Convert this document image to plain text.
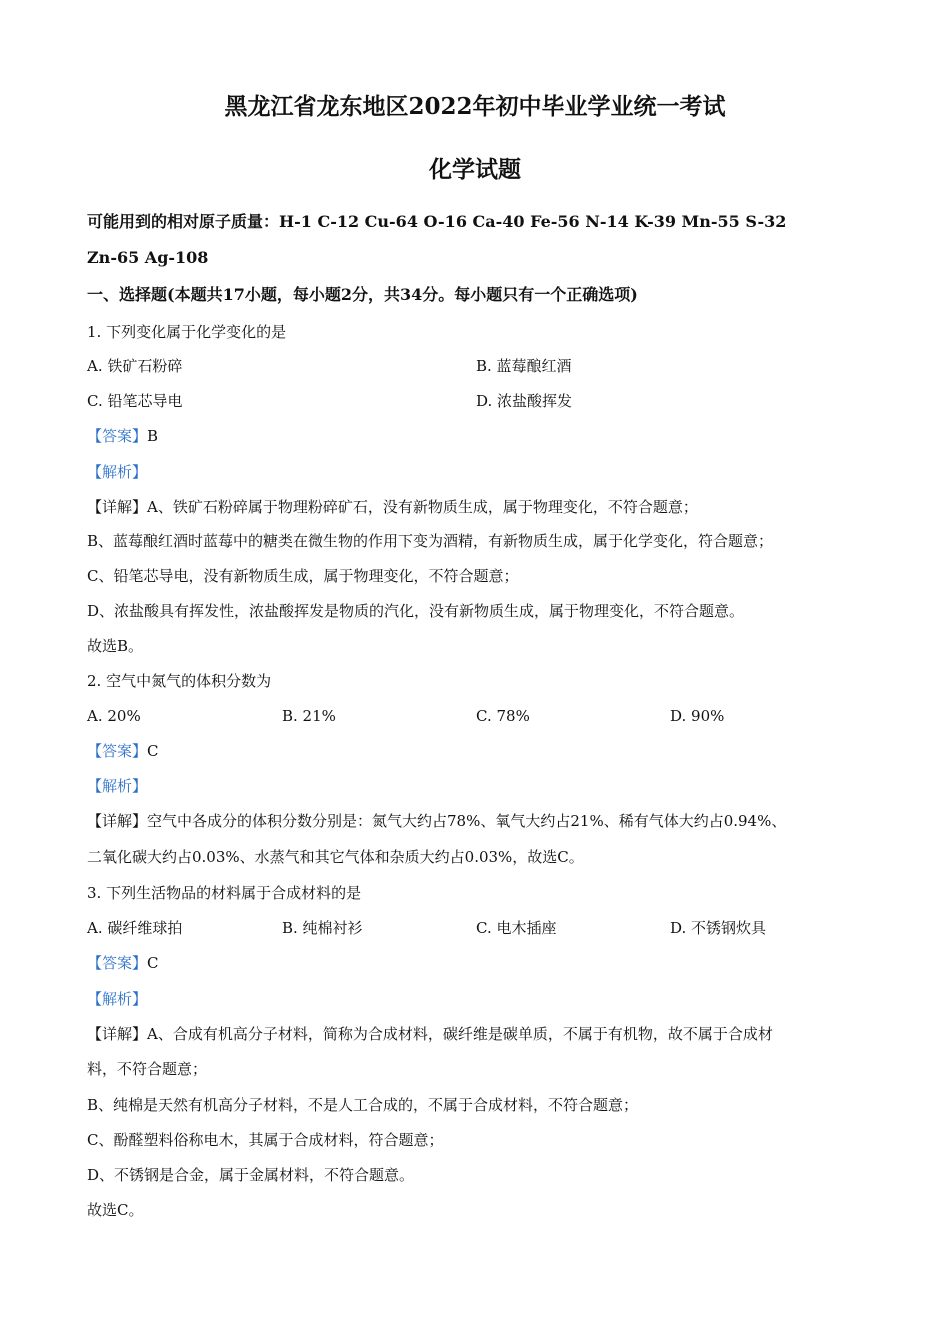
黑龙江省龙东地区2022年初中毕业学业统一考试
化学试题
可能用到的相对原子质量：H-1 C-12 Cu-64 O-16 Ca-40 Fe-56 N-14 K-39 Mn-55 S-32
Zn-65 Ag-108
一、选择题(本题共17小题，每小题2分，共34分。每小题只有一个正确选项)
1. 下列变化属于化学变化的是
A. 铁矿石粉碎	B. 蓝莓酿红酒
C. 铅笔芯导电	D. 浓盐酸挥发
【答案】B
【解析】
【详解】A、铁矿石粉碎属于物理粉碎矿石，没有新物质生成，属于物理变化，不符合题意；
B、蓝莓酿红酒时蓝莓中的糖类在微生物的作用下变为酒精，有新物质生成，属于化学变化，符合题意；
C、铅笔芯导电，没有新物质生成，属于物理变化，不符合题意；
D、浓盐酸具有挥发性，浓盐酸挥发是物质的汽化，没有新物质生成，属于物理变化，不符合题意。
故选B。
2. 空气中氮气的体积分数为
A. 20%	B. 21%	C. 78%	D. 90%
【答案】C
【解析】
【详解】空气中各成分的体积分数分别是：氮气大约占78%、氧气大约占21%、稀有气体大约占0.94%、
二氧化碳大约占0.03%、水蒸气和其它气体和杂质大约占0.03%，故选C。
3. 下列生活物品的材料属于合成材料的是
A. 碳纤维球拍	B. 纯棉衬衫	C. 电木插座	D. 不锈钢炊具
【答案】C
【解析】
【详解】A、合成有机高分子材料，简称为合成材料，碳纤维是碳单质，不属于有机物，故不属于合成材
料，不符合题意；
B、纯棉是天然有机高分子材料，不是人工合成的，不属于合成材料，不符合题意；
C、酚醛塑料俗称电木，其属于合成材料，符合题意；
D、不锈钢是合金，属于金属材料，不符合题意。
故选C。
